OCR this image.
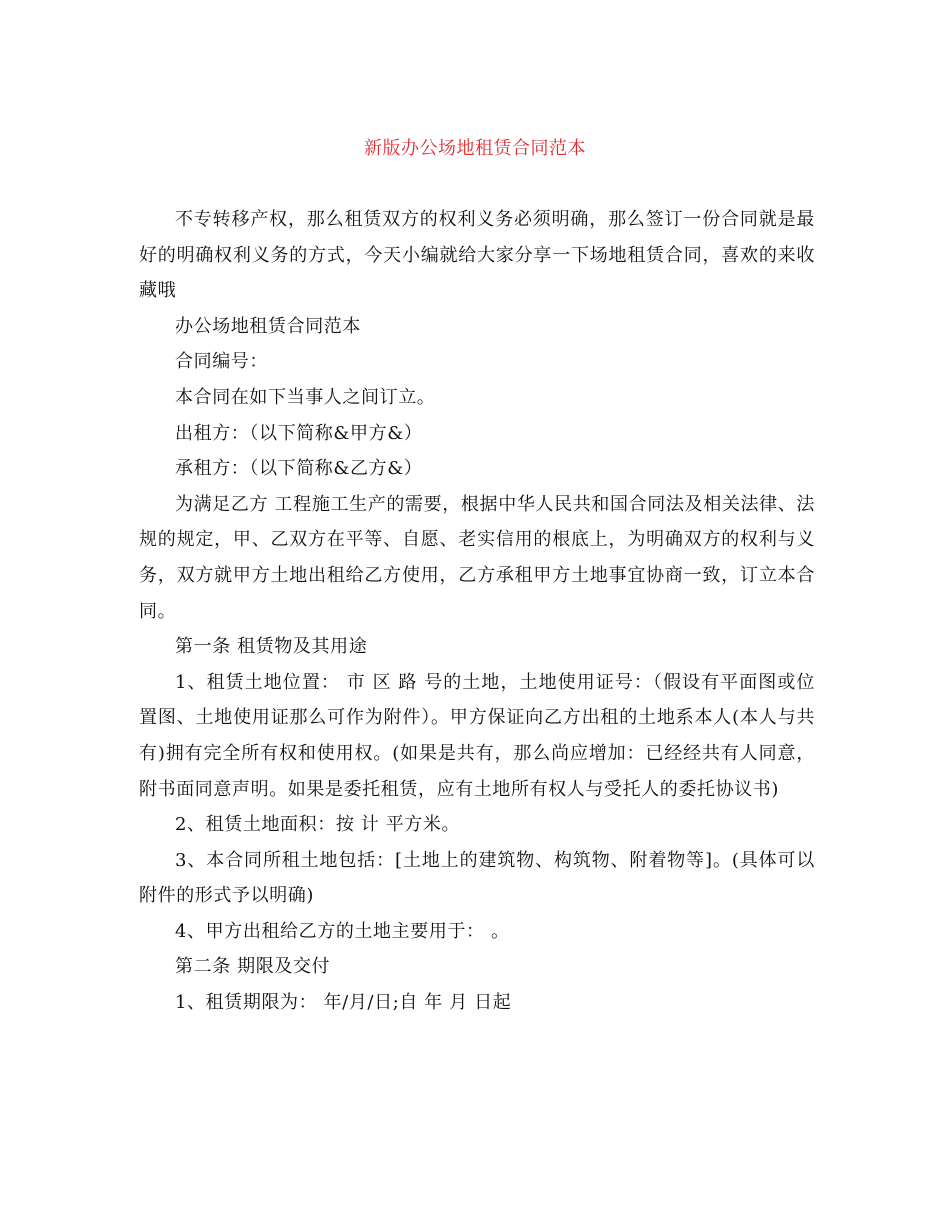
新版办公场地租赁合同范本

不专转移产权，那么租赁双方的权利义务必须明确，那么签订一份合同就是最好的明确权利义务的方式，今天小编就给大家分享一下场地租赁合同，喜欢的来收藏哦

办公场地租赁合同范本

合同编号：

本合同在如下当事人之间订立。

出租方：（以下简称&甲方&）

承租方：（以下简称&乙方&）

为满足乙方 工程施工生产的需要，根据中华人民共和国合同法及相关法律、法规的规定，甲、乙双方在平等、自愿、老实信用的根底上，为明确双方的权利与义务，双方就甲方土地出租给乙方使用，乙方承租甲方土地事宜协商一致，订立本合同。

第一条 租赁物及其用途

1、租赁土地位置： 市 区 路 号的土地，土地使用证号：（假设有平面图或位置图、土地使用证那么可作为附件）。甲方保证向乙方出租的土地系本人(本人与共有)拥有完全所有权和使用权。(如果是共有，那么尚应增加：已经经共有人同意，附书面同意声明。如果是委托租赁，应有土地所有权人与受托人的委托协议书)

2、租赁土地面积：按 计 平方米。

3、本合同所租土地包括：[土地上的建筑物、构筑物、附着物等]。(具体可以附件的形式予以明确)

4、甲方出租给乙方的土地主要用于： 。

第二条 期限及交付

1、租赁期限为： 年/月/日;自 年 月 日起
